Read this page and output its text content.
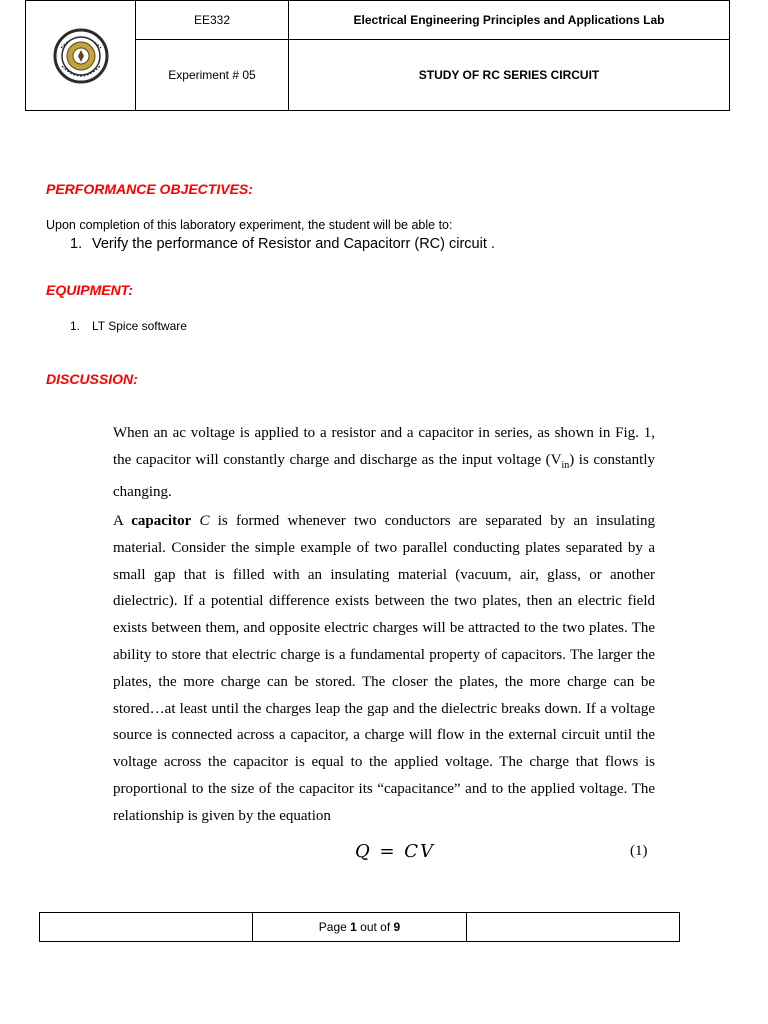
	EE332	Electrical Engineering Principles and Applications Lab
	Experiment # 05	STUDY OF RC SERIES CIRCUIT
PERFORMANCE OBJECTIVES:

Upon completion of this laboratory experiment, the student will be able to:

1. Verify the performance of Resistor and Capacitorr (RC) circuit .
EQUIPMENT:
1. LT Spice software
DISCUSSION:

When an ac voltage is applied to a resistor and a capacitor in series, as shown in Fig. 1, the capacitor will constantly charge and discharge as the input voltage $(V_{in})$ is constantly changing.

A capacitor C is formed whenever two conductors are separated by an insulating material. Consider the simple example of two parallel conducting plates separated by a small gap that is filled with an insulating material (vacuum, air, glass, or another dielectric). If a potential difference exists between the two plates, then an electric field exists between them, and opposite electric charges will be attracted to the two plates. The ability to store that electric charge is a fundamental property of capacitors. The larger the plates, the more charge can be stored. The closer the plates, the more charge can be stored…at least until the charges leap the gap and the dielectric breaks down. If a voltage source is connected across a capacitor, a charge will flow in the external circuit until the voltage across the capacitor is equal to the applied voltage. The charge that flows is proportional to the size of the capacitor its “capacitance” and to the applied voltage. The relationship is given by the equation

Q = CV	(1)

	Page 1 out of 9	
